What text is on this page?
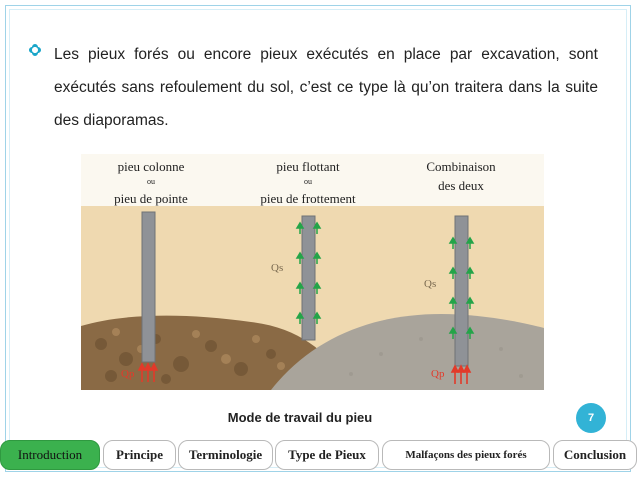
Les pieux forés ou encore pieux exécutés en place par excavation, sont exécutés sans refoulement du sol, c’est ce type là qu’on traitera dans la suite des diaporamas.
pieu colonne
ou
pieu de pointe
pieu flottant
ou
pieu de frottement
Combinaison
des deux
Qs
Qs
Qp	Qp
Mode de travail du pieu	7
Introduction	Principe	Terminologie	Type de Pieux	Malfaçons des pieux forés	Conclusion
